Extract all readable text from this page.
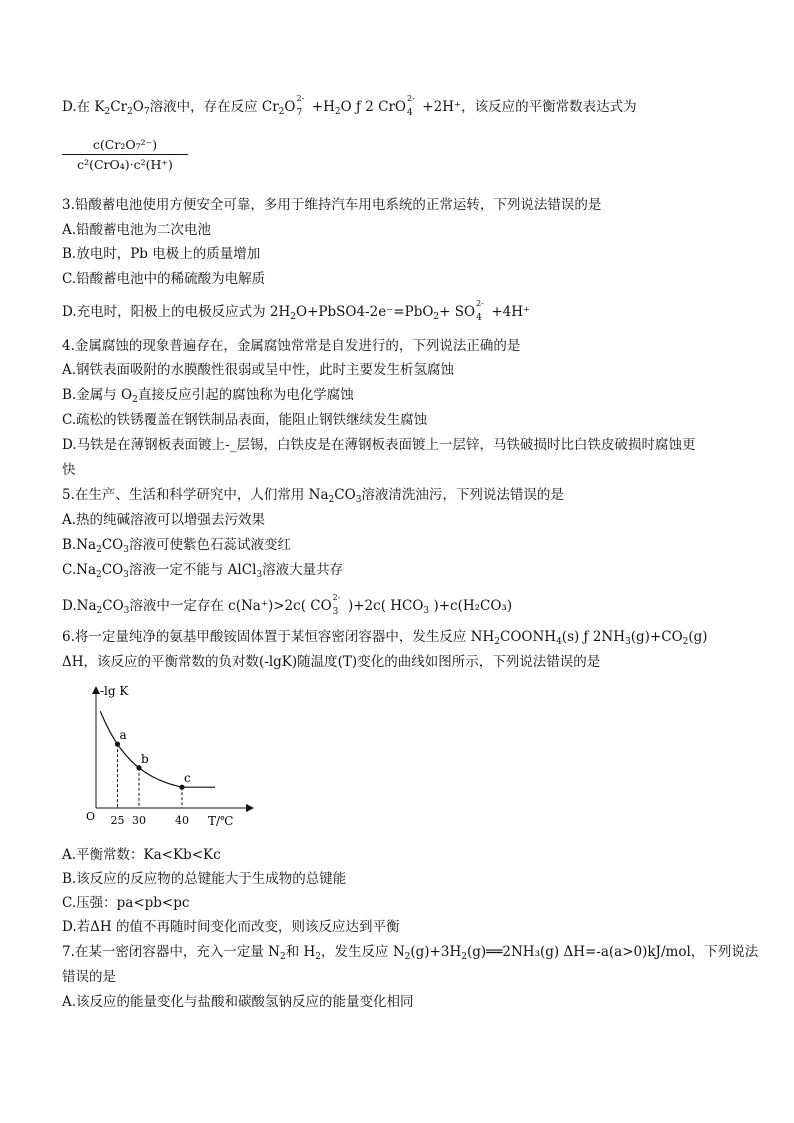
D.在 $K_2Cr_2O_7$溶液中，存在反应 $Cr_2O$ 7
2-
$+H_2O$ ƒ 2 CrO 4
2-
+2H⁺，该反应的平衡常数表达式为
c(Cr₂O₇²⁻)
c²(CrO₄)·c²(H⁺)
3.铅酸蓄电池使用方便安全可靠，多用于维持汽车用电系统的正常运转，下列说法错误的是
A.铅酸蓄电池为二次电池
B.放电时，Pb 电极上的质量增加
C.铅酸蓄电池中的稀硫酸为电解质
D.充电时，阳极上的电极反应式为 $2H_2O+PbSO4-2e^-=PbO_2+$ SO 4
2-
+4H⁺
4.金属腐蚀的现象普遍存在，金属腐蚀常常是自发进行的，下列说法正确的是
A.钢铁表面吸附的水膜酸性很弱或呈中性，此时主要发生析氢腐蚀
B.金属与 $O_2$直接反应引起的腐蚀称为电化学腐蚀
C.疏松的铁锈覆盖在钢铁制品表面，能阻止钢铁继续发生腐蚀
D.马铁是在薄钢板表面镀上-_层锡，白铁皮是在薄钢板表面镀上一层锌，马铁破损时比白铁皮破损时腐蚀更
快
5.在生产、生活和科学研究中，人们常用 $Na_2CO_3$溶液清洗油污，下列说法错误的是
A.热的纯碱溶液可以增强去污效果
$B.Na_2CO_3$溶液可使紫色石蕊试液变红
$C.Na_2CO_3$溶液一定不能与 AlCl$_3$溶液大量共存
$D.Na_2CO_3$溶液中一定存在 c(Na⁺)>2c( CO 3
2-
)+2c( $HCO_3$ )+c(H₂CO₃)
6.将一定量纯净的氨基甲酸铵固体置于某恒容密闭容器中，发生反应 $NH_2COONH_4(s)$ ƒ $2NH_3(g)+CO_2(g)$
ΔH，该反应的平衡常数的负对数(-lgK)随温度(T)变化的曲线如图所示，下列说法错误的是
-lg K
T/℃
O
a
25
b
30
c
40
A.平衡常数：Ka<Kb<Kc
B.该反应的反应物的总键能大于生成物的总键能
C.压强：pa<pb<pc
D.若ΔH 的值不再随时间变化而改变，则该反应达到平衡
7.在某一密闭容器中，充入一定量 $N_2$和 $H_2$，发生反应 $N_2(g)+3H_2(g)══2NH_3(g)$ ΔH=-a(a>0)kJ/mol，下列说法
错误的是
A.该反应的能量变化与盐酸和碳酸氢钠反应的能量变化相同
